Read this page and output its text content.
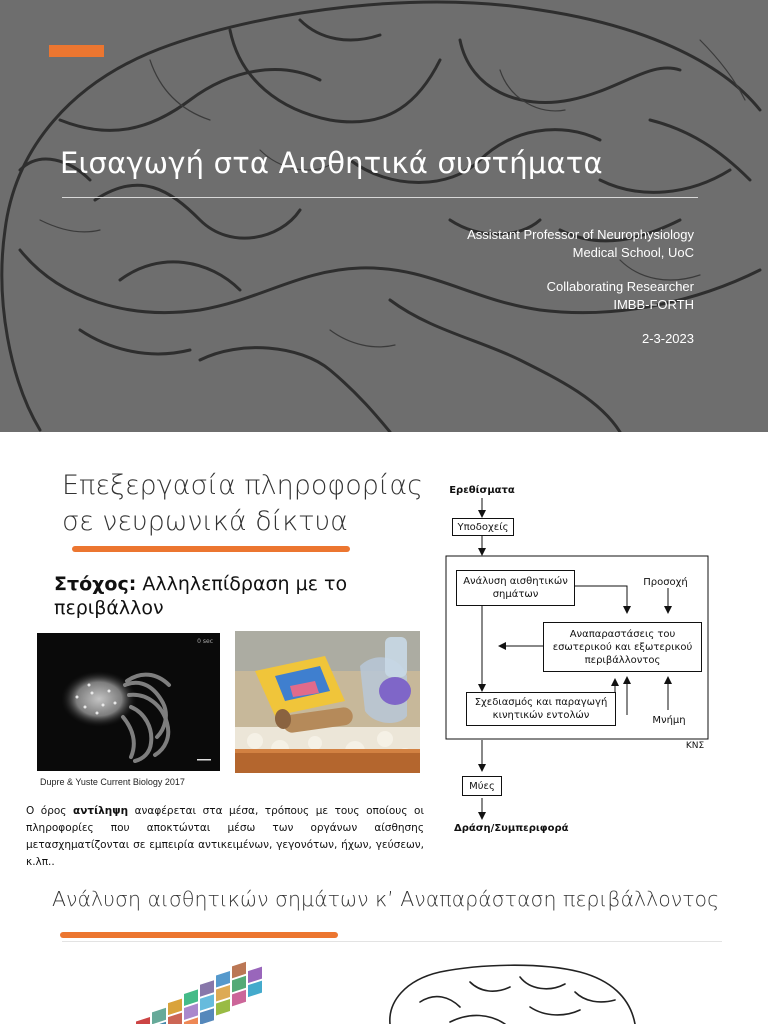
Εισαγωγή στα Αισθητικά συστήματα
Assistant Professor of Neurophysiology
Medical School, UoC
Collaborating Researcher
IMBB-FORTH
2-3-2023
Επεξεργασία πληροφορίας
σε νευρωνικά δίκτυα
Στόχος: Αλληλεπίδραση με το περιβάλλον
0 sec
Dupre & Yuste Current Biology 2017
Ο όρος αντίληψη αναφέρεται στα μέσα, τρόπους με τους οποίους οι πληροφορίες που αποκτώνται μέσω των οργάνων αίσθησης μετασχηματίζονται σε εμπειρία αντικειμένων, γεγονότων, ήχων, γεύσεων, κ.λπ..
Ερεθίσματα
Υποδοχείς
Ανάλυση αισθητικών σημάτων
Προσοχή
Αναπαραστάσεις του εσωτερικού και εξωτερικού περιβάλλοντος
Σχεδιασμός και παραγωγή κινητικών εντολών	Μνήμη
ΚΝΣ
Μύες
Δράση/Συμπεριφορά
Ανάλυση αισθητικών σημάτων κ’ Αναπαράσταση περιβάλλοντος
